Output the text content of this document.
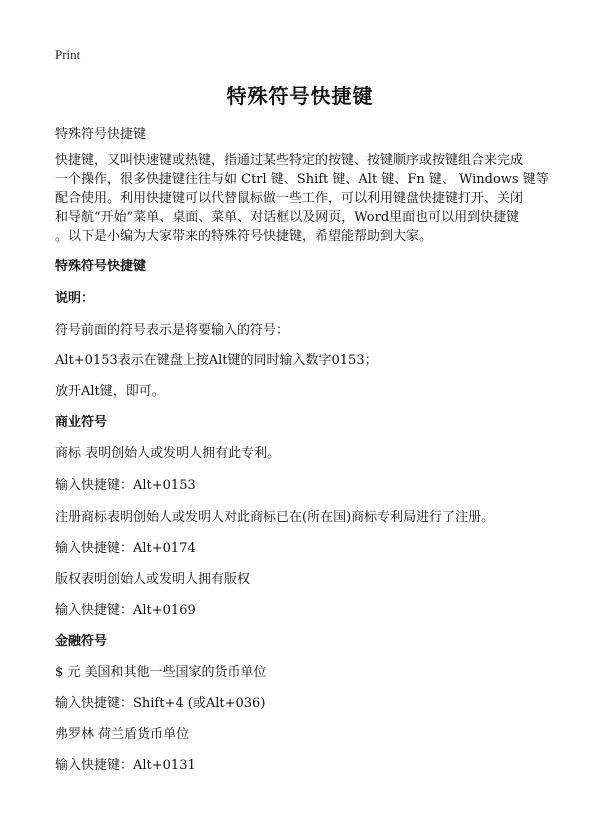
Print
特殊符号快捷键
特殊符号快捷键
快捷键，又叫快速键或热键，指通过某些特定的按键、按键顺序或按键组合来完成
一个操作，很多快捷键往往与如 Ctrl 键、Shift 键、Alt 键、Fn 键、 Windows 键等
配合使用。利用快捷键可以代替鼠标做一些工作，可以利用键盘快捷键打开、关闭
和导航“开始”菜单、桌面、菜单、对话框以及网页，Word里面也可以用到快捷键
。以下是小编为大家带来的特殊符号快捷键，希望能帮助到大家。
特殊符号快捷键
说明：
符号前面的符号表示是将要输入的符号：
Alt+0153表示在键盘上按Alt键的同时输入数字0153；
放开Alt键，即可。
商业符号
商标 表明创始人或发明人拥有此专利。
输入快捷键：Alt+0153
注册商标表明创始人或发明人对此商标已在(所在国)商标专利局进行了注册。
输入快捷键：Alt+0174
版权表明创始人或发明人拥有版权
输入快捷键：Alt+0169
金融符号
$ 元 美国和其他一些国家的货币单位
输入快捷键：Shift+4 (或Alt+036)
弗罗林 荷兰盾货币单位
输入快捷键：Alt+0131
